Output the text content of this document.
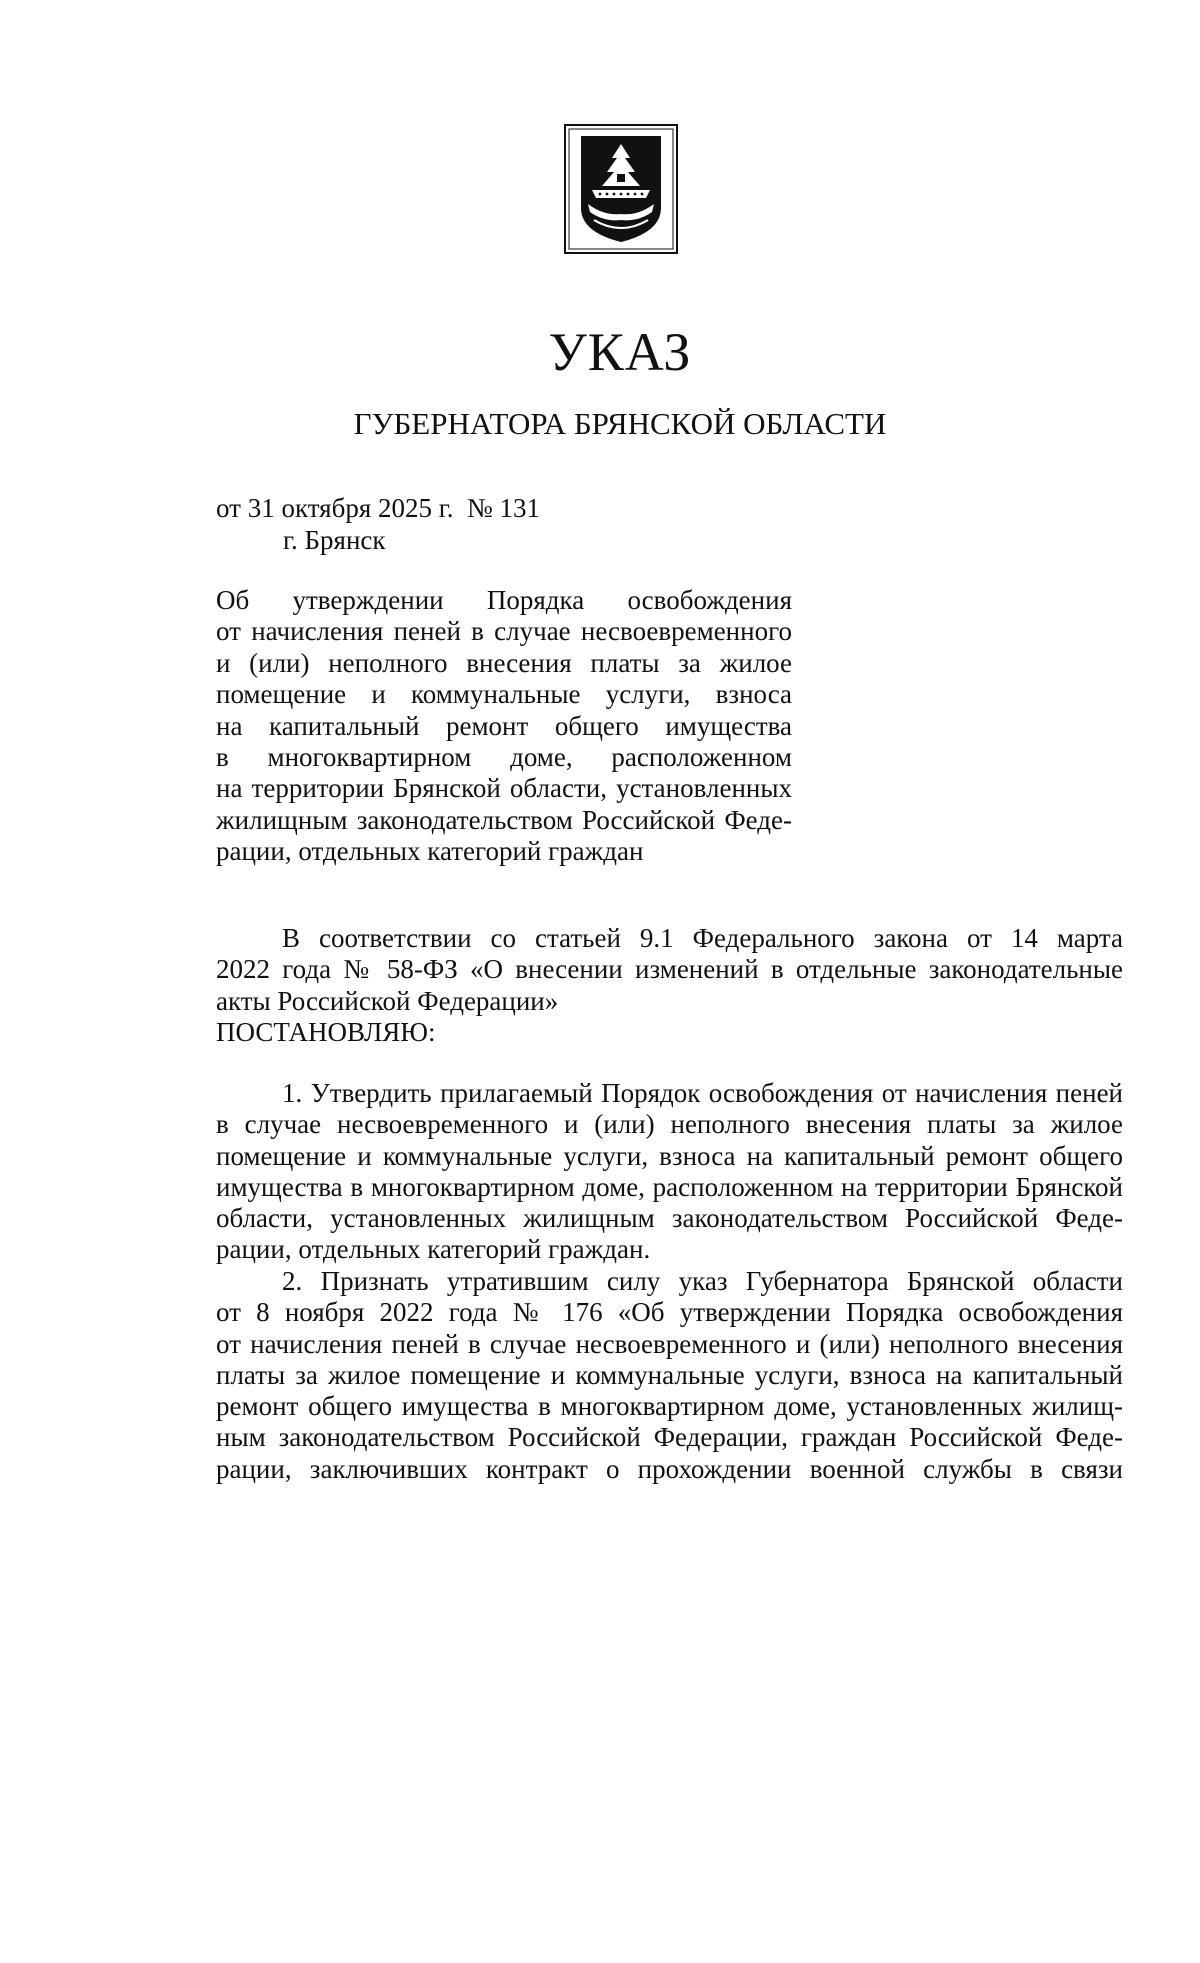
УКАЗ
ГУБЕРНАТОРА БРЯНСКОЙ ОБЛАСТИ
от 31 октября 2025 г. № 131
г. Брянск
Об утверждении Порядка освобождения
от начисления пеней в случае несвоевременного
и (или) неполного внесения платы за жилое
помещение и коммунальные услуги, взноса
на капитальный ремонт общего имущества
в многоквартирном доме, расположенном
на территории Брянской области, установленных
жилищным законодательством Российской Феде-
рации, отдельных категорий граждан
В соответствии со статьей 9.1 Федерального закона от 14 марта
2022 года № 58-ФЗ «О внесении изменений в отдельные законодательные
акты Российской Федерации»
ПОСТАНОВЛЯЮ:
1. Утвердить прилагаемый Порядок освобождения от начисления пеней
в случае несвоевременного и (или) неполного внесения платы за жилое
помещение и коммунальные услуги, взноса на капитальный ремонт общего
имущества в многоквартирном доме, расположенном на территории Брянской
области, установленных жилищным законодательством Российской Феде-
рации, отдельных категорий граждан.
2. Признать утратившим силу указ Губернатора Брянской области
от 8 ноября 2022 года № 176 «Об утверждении Порядка освобождения
от начисления пеней в случае несвоевременного и (или) неполного внесения
платы за жилое помещение и коммунальные услуги, взноса на капитальный
ремонт общего имущества в многоквартирном доме, установленных жилищ-
ным законодательством Российской Федерации, граждан Российской Феде-
рации, заключивших контракт о прохождении военной службы в связи
